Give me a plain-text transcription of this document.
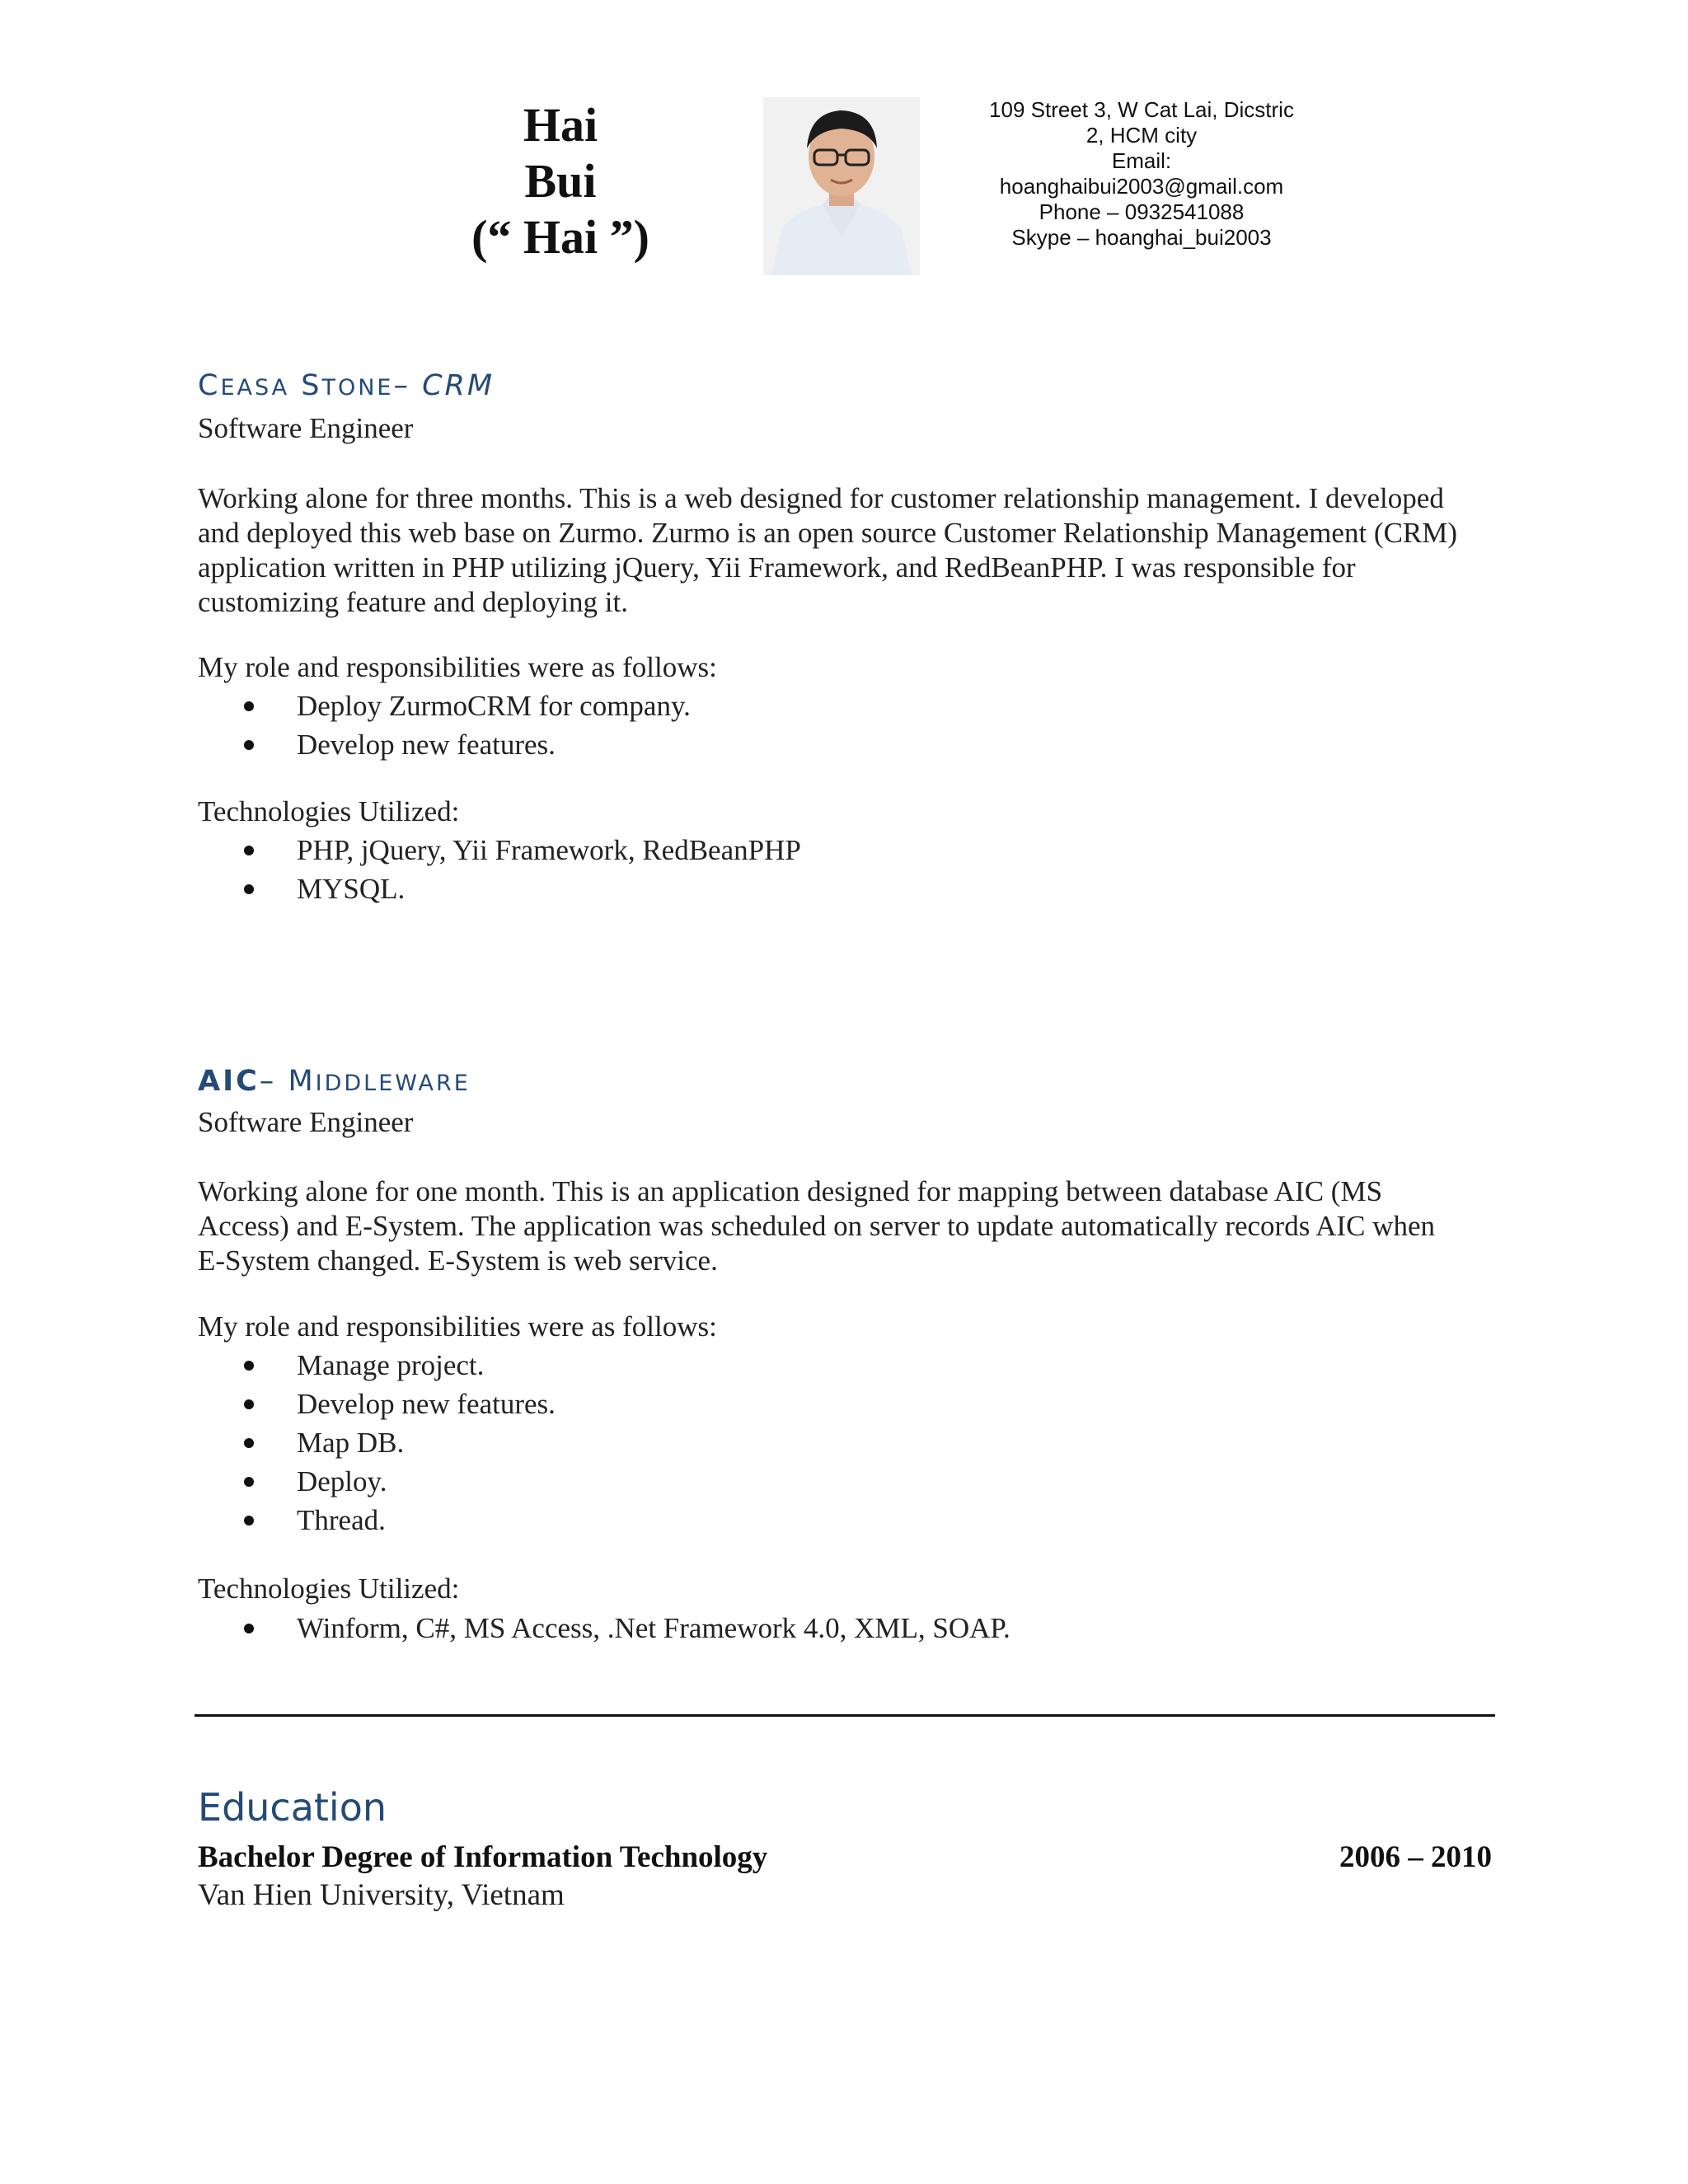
Hai
Bui
(“ Hai ”)
109 Street 3, W Cat Lai, Dicstric
2, HCM city
Email:
hoanghaibui2003@gmail.com
Phone – 0932541088
Skype – hoanghai_bui2003
CEASA STONE– CRM
Software Engineer
Working alone for three months. This is a web designed for customer relationship management. I developed
and deployed this web base on Zurmo. Zurmo is an open source Customer Relationship Management (CRM)
application written in PHP utilizing jQuery, Yii Framework, and RedBeanPHP. I was responsible for
customizing feature and deploying it.
My role and responsibilities were as follows:
Deploy ZurmoCRM for company.
Develop new features.
Technologies Utilized:
PHP, jQuery, Yii Framework, RedBeanPHP
MYSQL.
AIC– MIDDLEWARE
Software Engineer
Working alone for one month. This is an application designed for mapping between database AIC (MS
Access) and E-System. The application was scheduled on server to update automatically records AIC when
E-System changed. E-System is web service.
My role and responsibilities were as follows:
Manage project.
Develop new features.
Map DB.
Deploy.
Thread.
Technologies Utilized:
Winform, C#, MS Access, .Net Framework 4.0, XML, SOAP.
Education
Bachelor Degree of Information Technology	2006 – 2010
Van Hien University, Vietnam
